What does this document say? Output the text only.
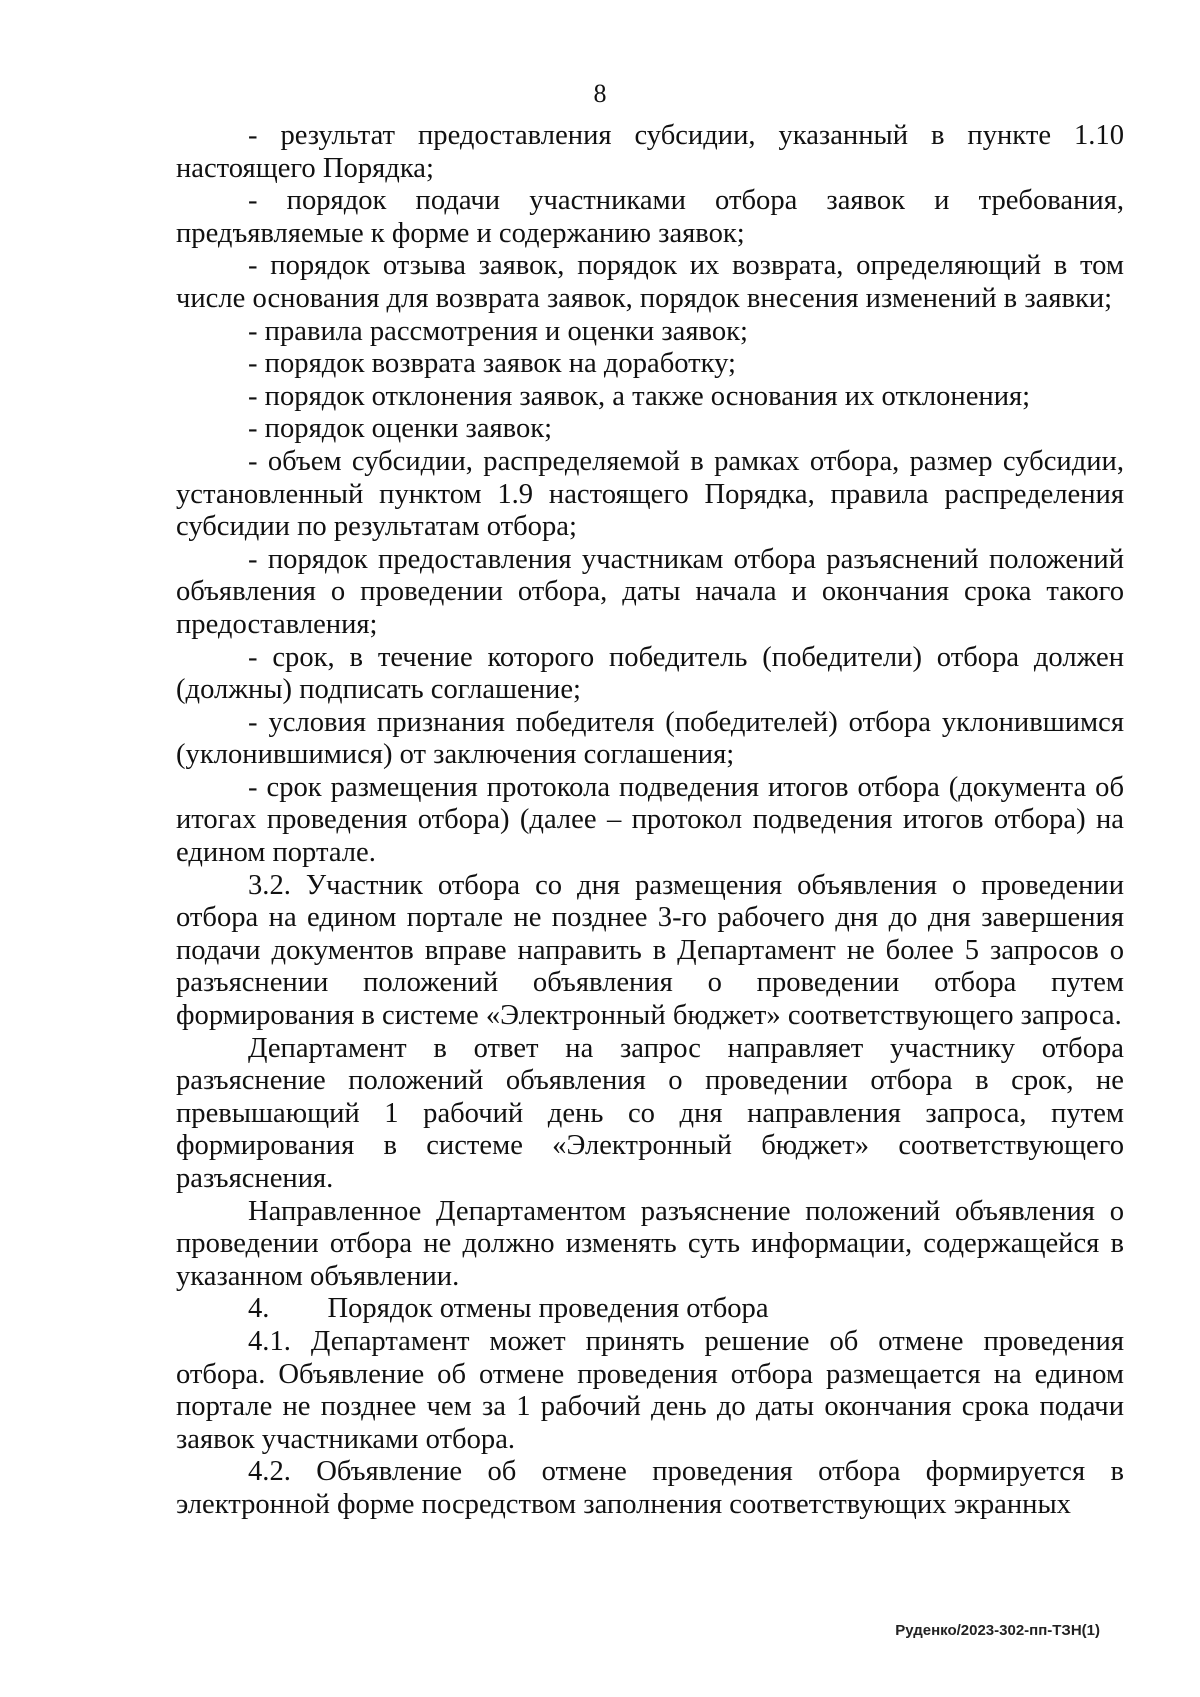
8

- результат предоставления субсидии, указанный в пункте 1.10 настоящего Порядка;

- порядок подачи участниками отбора заявок и требования, предъявляемые к форме и содержанию заявок;

- порядок отзыва заявок, порядок их возврата, определяющий в том числе основания для возврата заявок, порядок внесения изменений в заявки;

- правила рассмотрения и оценки заявок;

- порядок возврата заявок на доработку;

- порядок отклонения заявок, а также основания их отклонения;

- порядок оценки заявок;

- объем субсидии, распределяемой в рамках отбора, размер субсидии, установленный пунктом 1.9 настоящего Порядка, правила распределения субсидии по результатам отбора;

- порядок предоставления участникам отбора разъяснений положений объявления о проведении отбора, даты начала и окончания срока такого предоставления;

- срок, в течение которого победитель (победители) отбора должен (должны) подписать соглашение;

- условия признания победителя (победителей) отбора уклонившимся (уклонившимися) от заключения соглашения;

- срок размещения протокола подведения итогов отбора (документа об итогах проведения отбора) (далее – протокол подведения итогов отбора) на едином портале.

3.2. Участник отбора со дня размещения объявления о проведении отбора на едином портале не позднее 3-го рабочего дня до дня завершения подачи документов вправе направить в Департамент не более 5 запросов о разъяснении положений объявления о проведении отбора путем формирования в системе «Электронный бюджет» соответствующего запроса.

Департамент в ответ на запрос направляет участнику отбора разъяснение положений объявления о проведении отбора в срок, не превышающий 1 рабочий день со дня направления запроса, путем формирования в системе «Электронный бюджет» соответствующего разъяснения.

Направленное Департаментом разъяснение положений объявления о проведении отбора не должно изменять суть информации, содержащейся в указанном объявлении.

4. Порядок отмены проведения отбора

4.1. Департамент может принять решение об отмене проведения отбора. Объявление об отмене проведения отбора размещается на едином портале не позднее чем за 1 рабочий день до даты окончания срока подачи заявок участниками отбора.

4.2. Объявление об отмене проведения отбора формируется в электронной форме посредством заполнения соответствующих экранных

Руденко/2023-302-пп-ТЗН(1)
